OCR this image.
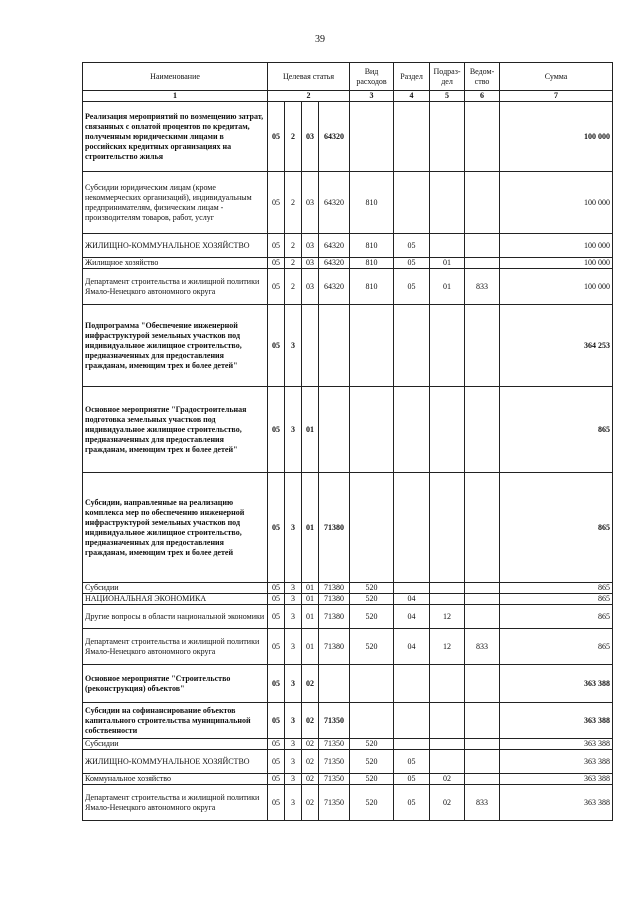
39
Наименование	Целевая статья				Вид расходов	Раздел	Подраз-дел	Ведом-ство	Сумма
1	2				3	4	5	6	7
Реализация мероприятий по возмещению затрат, связанных с оплатой процентов по кредитам, полученным юридическими лицами в российских кредитных организациях на строительство жилья	05	2	03	64320					100 000
Субсидии юридическим лицам (кроме некоммерческих организаций), индивидуальным предпринимателям, физическим лицам - производителям товаров, работ, услуг	05	2	03	64320	810				100 000
ЖИЛИЩНО-КОММУНАЛЬНОЕ ХОЗЯЙСТВО	05	2	03	64320	810	05			100 000
Жилищное хозяйство	05	2	03	64320	810	05	01		100 000
Департамент строительства и жилищной политики Ямало-Ненецкого автономного округа	05	2	03	64320	810	05	01	833	100 000
Подпрограмма "Обеспечение инженерной инфраструктурой земельных участков под индивидуальное жилищное строительство, предназначенных для предоставления гражданам, имеющим трех и более детей"	05	3							364 253
Основное мероприятие "Градостроительная подготовка земельных участков под индивидуальное жилищное строительство, предназначенных для предоставления гражданам, имеющим трех и более детей"	05	3	01						865
Субсидии, направленные на реализацию комплекса мер по обеспечению инженерной инфраструктурой земельных участков под индивидуальное жилищное строительство, предназначенных для предоставления гражданам, имеющим трех и более детей	05	3	01	71380					865
Субсидии	05	3	01	71380	520				865
НАЦИОНАЛЬНАЯ ЭКОНОМИКА	05	3	01	71380	520	04			865
Другие вопросы в области национальной экономики	05	3	01	71380	520	04	12		865
Департамент строительства и жилищной политики Ямало-Ненецкого автономного округа	05	3	01	71380	520	04	12	833	865
Основное мероприятие "Строительство (реконструкция) объектов"	05	3	02						363 388
Субсидии на софинансирование объектов капитального строительства муниципальной собственности	05	3	02	71350					363 388
Субсидии	05	3	02	71350	520				363 388
ЖИЛИЩНО-КОММУНАЛЬНОЕ ХОЗЯЙСТВО	05	3	02	71350	520	05			363 388
Коммунальное хозяйство	05	3	02	71350	520	05	02		363 388
Департамент строительства и жилищной политики Ямало-Ненецкого автономного округа	05	3	02	71350	520	05	02	833	363 388
